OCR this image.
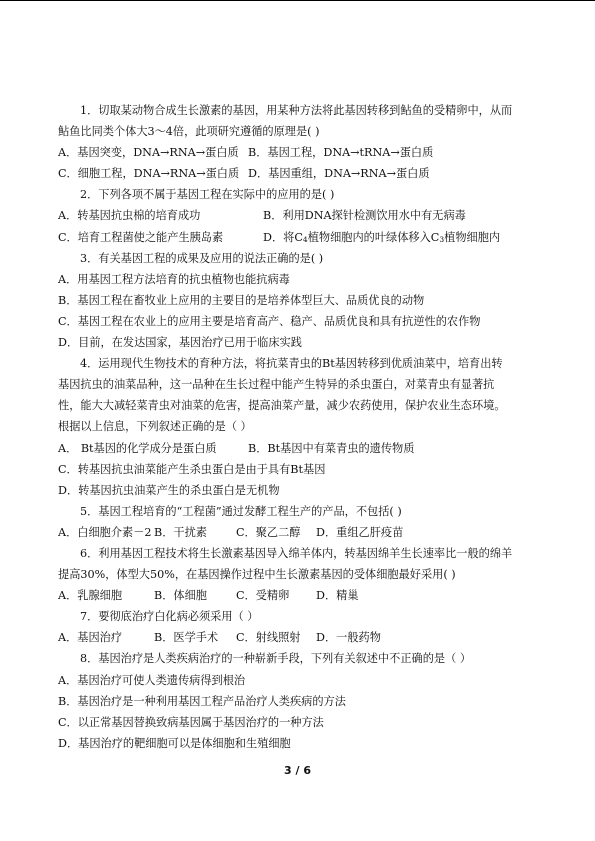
1．切取某动物合成生长激素的基因，用某种方法将此基因转移到鲇鱼的受精卵中，从而
鲇鱼比同类个体大3～4倍，此项研究遵循的原理是( )
A．基因突变，DNA→RNA→蛋白质 B．基因工程，DNA→tRNA→蛋白质
C．细胞工程，DNA→RNA→蛋白质 D．基因重组，DNA→RNA→蛋白质
2．下列各项不属于基因工程在实际中的应用的是( )
A．转基因抗虫棉的培育成功	B．利用DNA探针检测饮用水中有无病毒
C．培育工程菌使之能产生胰岛素	D．将$C_4$植物细胞内的叶绿体移入$C_3$植物细胞内
3．有关基因工程的成果及应用的说法正确的是( )
A．用基因工程方法培育的抗虫植物也能抗病毒
B．基因工程在畜牧业上应用的主要目的是培养体型巨大、品质优良的动物
C．基因工程在农业上的应用主要是培育高产、稳产、品质优良和具有抗逆性的农作物
D．目前，在发达国家，基因治疗已用于临床实践
4．运用现代生物技术的育种方法，将抗菜青虫的Bt基因转移到优质油菜中，培育出转
基因抗虫的油菜品种，这一品种在生长过程中能产生特异的杀虫蛋白，对菜青虫有显著抗
性，能大大减轻菜青虫对油菜的危害，提高油菜产量，减少农药使用，保护农业生态环境。
根据以上信息，下列叙述正确的是（ ）
A． Bt基因的化学成分是蛋白质	B．Bt基因中有菜青虫的遗传物质
C．转基因抗虫油菜能产生杀虫蛋白是由于具有Bt基因
D．转基因抗虫油菜产生的杀虫蛋白是无机物
5．基因工程培育的“工程菌”通过发酵工程生产的产品，不包括( )
A．白细胞介素－2 B．干扰素	C．聚乙二醇 D．重组乙肝疫苗
6．利用基因工程技术将生长激素基因导入绵羊体内，转基因绵羊生长速率比一般的绵羊
提高30%，体型大50%，在基因操作过程中生长激素基因的受体细胞最好采用( )
A．乳腺细胞	B．体细胞	C．受精卵 D．精巢
7．要彻底治疗白化病必须采用（ ）
A．基因治疗	B．医学手术 C．射线照射 D．一般药物
8．基因治疗是人类疾病治疗的一种崭新手段，下列有关叙述中不正确的是（ ）
A．基因治疗可使人类遗传病得到根治
B．基因治疗是一种利用基因工程产品治疗人类疾病的方法
C．以正常基因替换致病基因属于基因治疗的一种方法
D．基因治疗的靶细胞可以是体细胞和生殖细胞
3 / 6
